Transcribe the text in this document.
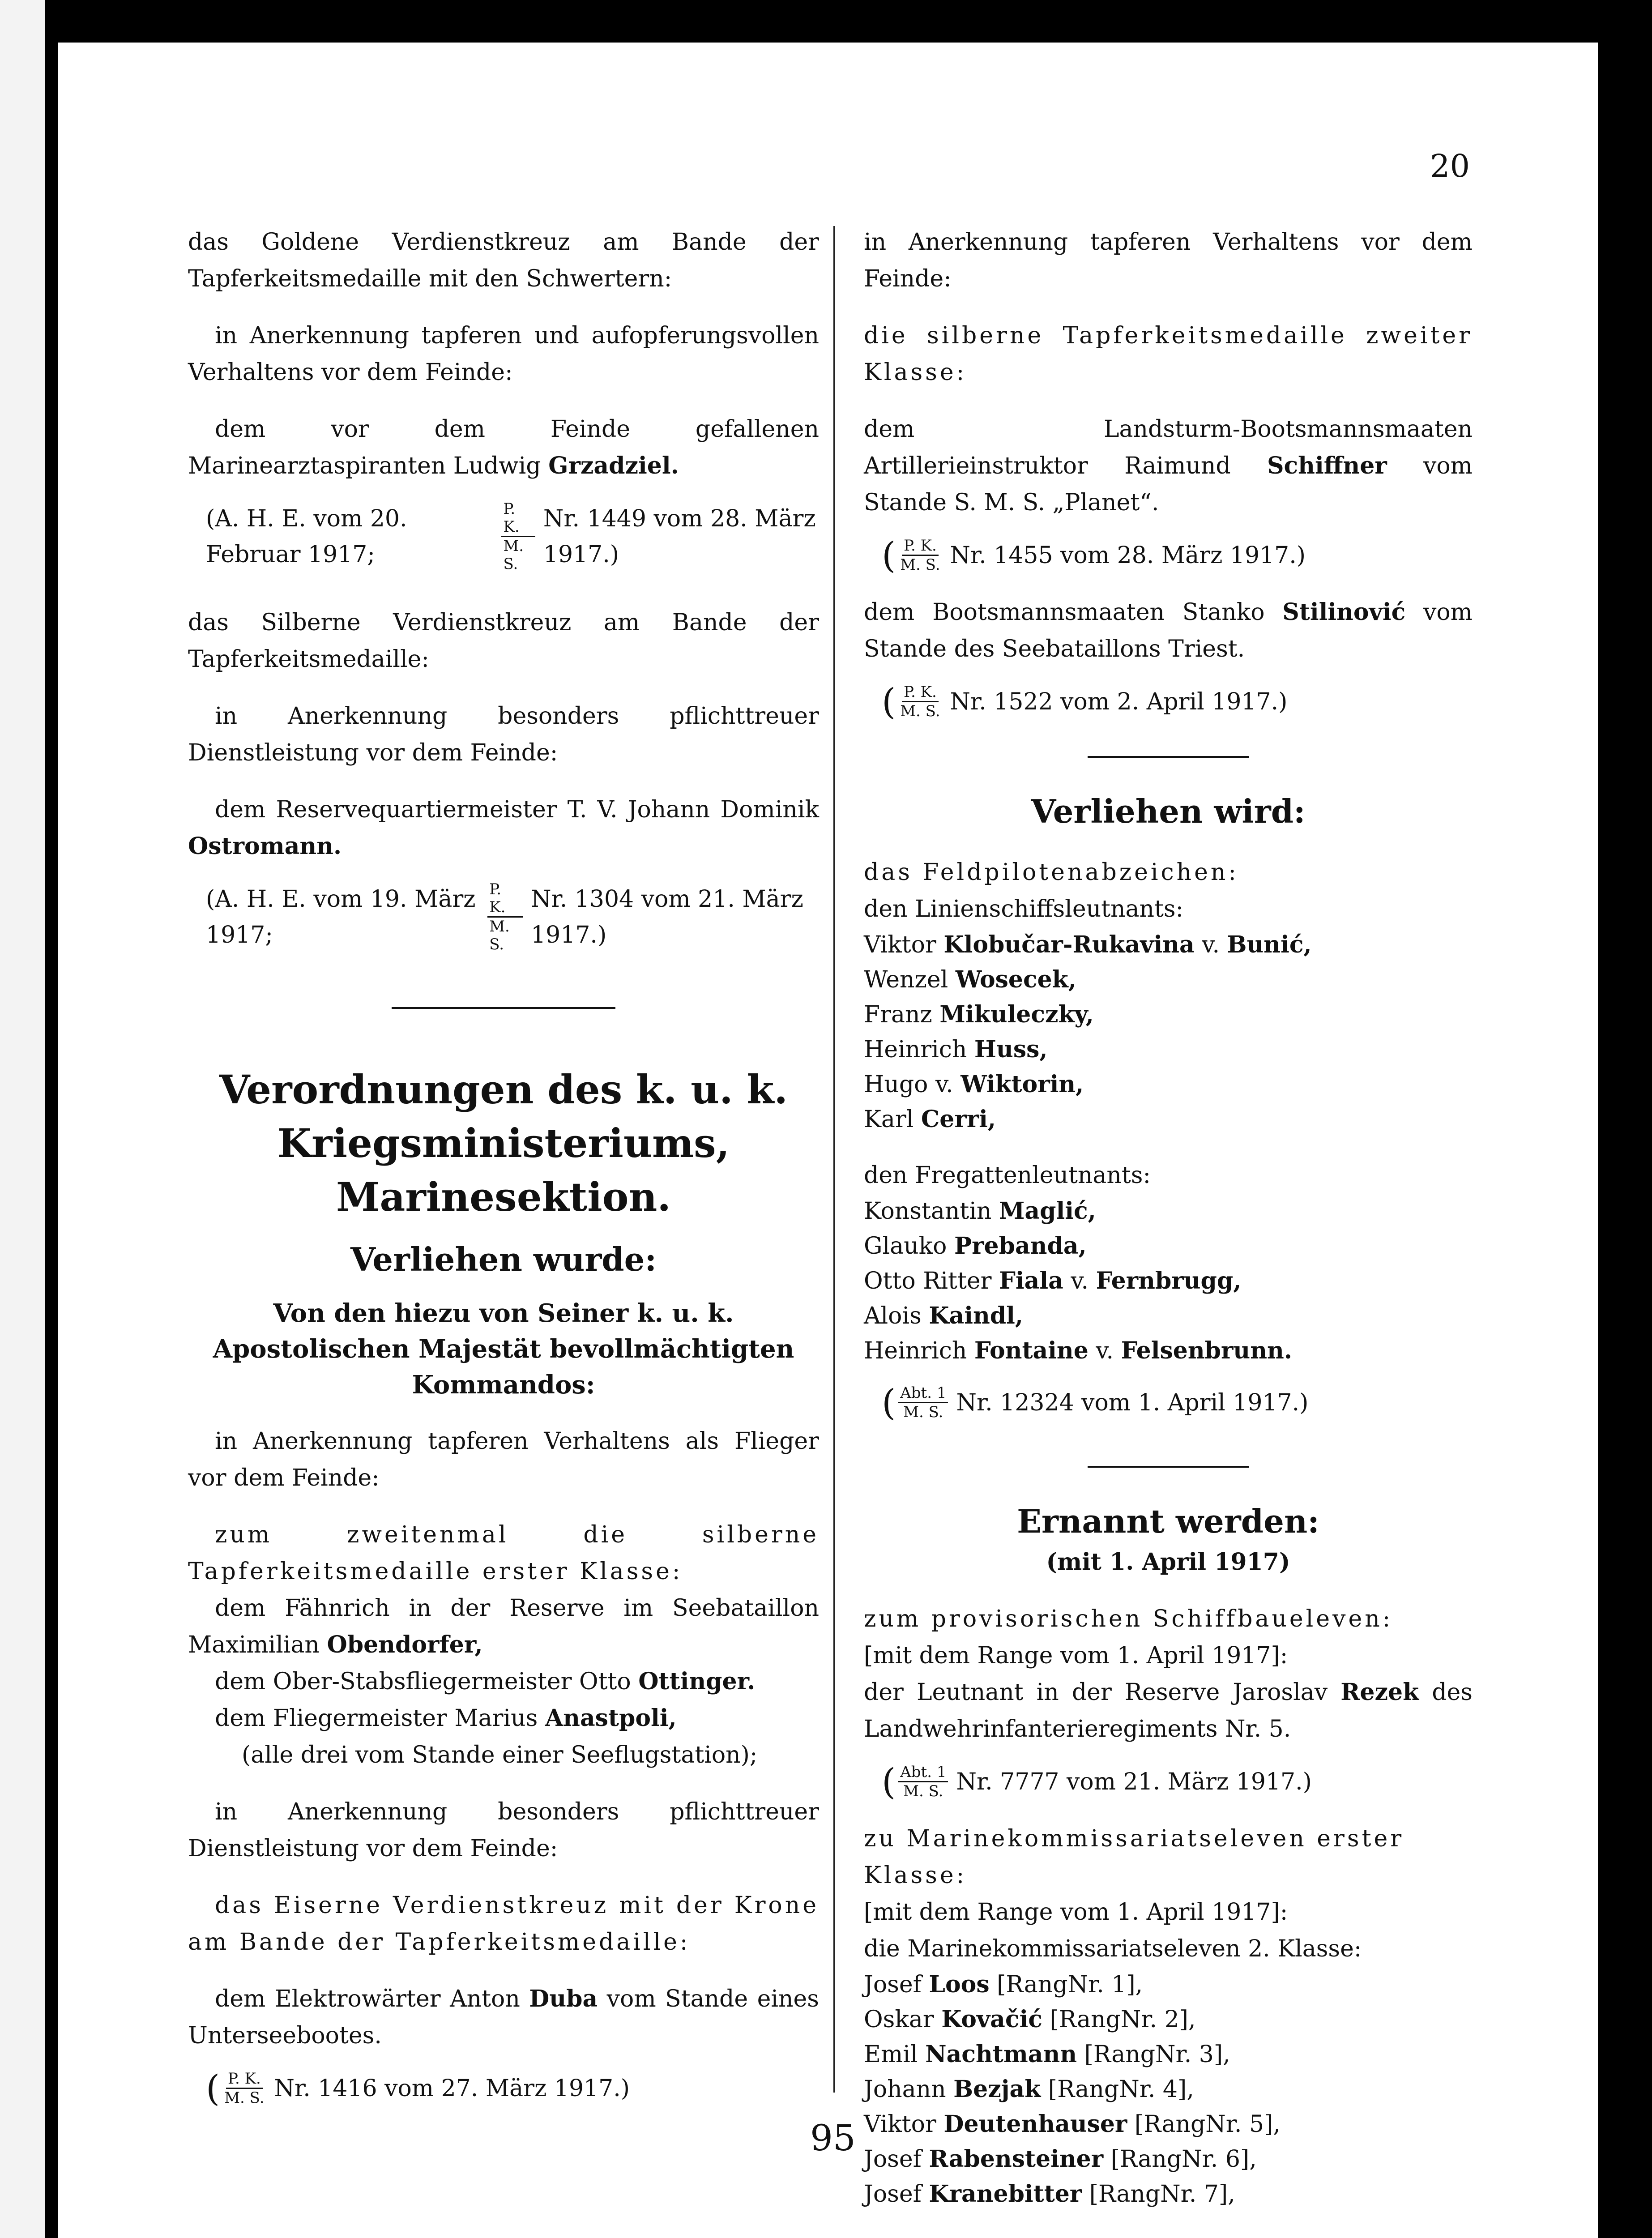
20

das Goldene Verdienstkreuz am Bande der Tapferkeitsmedaille mit den Schwertern:

in Anerkennung tapferen und aufopferungsvollen Verhaltens vor dem Feinde:

dem vor dem Feinde gefallenen Marinearztaspiranten Ludwig Grzadziel.

(A. H. E. vom 20. Februar 1917;	$\frac{P. K.}{M. S.} Nr$. 1449 vom 28. März 1917.)

das Silberne Verdienstkreuz am Bande der Tapferkeitsmedaille:

in Anerkennung besonders pflichttreuer Dienstleistung vor dem Feinde:

dem Reservequartiermeister T. V. Johann Dominik Ostromann.

(A. H. E. vom 19. März 1917;	$\frac{P. K.}{M. S.} Nr$. 1304 vom 21. März 1917.)
Verordnungen des k. u. k. Kriegsministeriums, Marinesektion.
Verliehen wurde:
Von den hiezu von Seiner k. u. k. Apostolischen Majestät bevollmächtigten Kommandos:

in Anerkennung tapferen Verhaltens als Flieger vor dem Feinde:

zum zweitenmal die silberne Tapferkeitsmedaille erster Klasse:

dem Fähnrich in der Reserve im Seebataillon Maximilian Obendorfer,

dem Ober-Stabsfliegermeister Otto Ottinger.

dem Fliegermeister Marius Anastpoli,

(alle drei vom Stande einer Seeflugstation);

in Anerkennung besonders pflichttreuer Dienstleistung vor dem Feinde:

das Eiserne Verdienstkreuz mit der Krone am Bande der Tapferkeitsmedaille:

dem Elektrowärter Anton Duba vom Stande eines Unterseebootes.

( $\frac{P. K.}{M. S.} Nr$. 1416 vom 27. März 1917.)

in Anerkennung tapferen Verhaltens vor dem Feinde:

die silberne Tapferkeitsmedaille zweiter Klasse:

dem Landsturm-Bootsmannsmaaten Artillerieinstruktor Raimund Schiffner vom Stande S. M. S. „Planet“.

( $\frac{P. K.}{M. S.} Nr$. 1455 vom 28. März 1917.)

dem Bootsmannsmaaten Stanko Stilinović vom Stande des Seebataillons Triest.

( $\frac{P. K.}{M. S.} Nr$. 1522 vom 2. April 1917.)
Verliehen wird:

das Feldpilotenabzeichen:

den Linienschiffsleutnants:

Viktor Klobučar-Rukavina v. Bunić,

Wenzel Wosecek,

Franz Mikuleczky,

Heinrich Huss,

Hugo v. Wiktorin,

Karl Cerri,

den Fregattenleutnants:

Konstantin Maglić,

Glauko Prebanda,

Otto Ritter Fiala v. Fernbrugg,

Alois Kaindl,

Heinrich Fontaine v. Felsenbrunn.

( $\frac{\text{Abt. 1}}{M. S.} Nr$. 12324 vom 1. April 1917.)
Ernannt werden:

(mit 1. April 1917)

zum provisorischen Schiffbaueleven:

[mit dem Range vom 1. April 1917]:

der Leutnant in der Reserve Jaroslav Rezek des Landwehrinfanterieregiments Nr. 5.

( $\frac{\text{Abt. 1}}{M. S.} Nr$. 7777 vom 21. März 1917.)

zu Marinekommissariatseleven erster Klasse:

[mit dem Range vom 1. April 1917]:

die Marinekommissariatseleven 2. Klasse:

Josef Loos [RangNr. 1],

Oskar Kovačić [RangNr. 2],

Emil Nachtmann [RangNr. 3],

Johann Bezjak [RangNr. 4],

Viktor Deutenhauser [RangNr. 5],

Josef Rabensteiner [RangNr. 6],

Josef Kranebitter [RangNr. 7],

95
